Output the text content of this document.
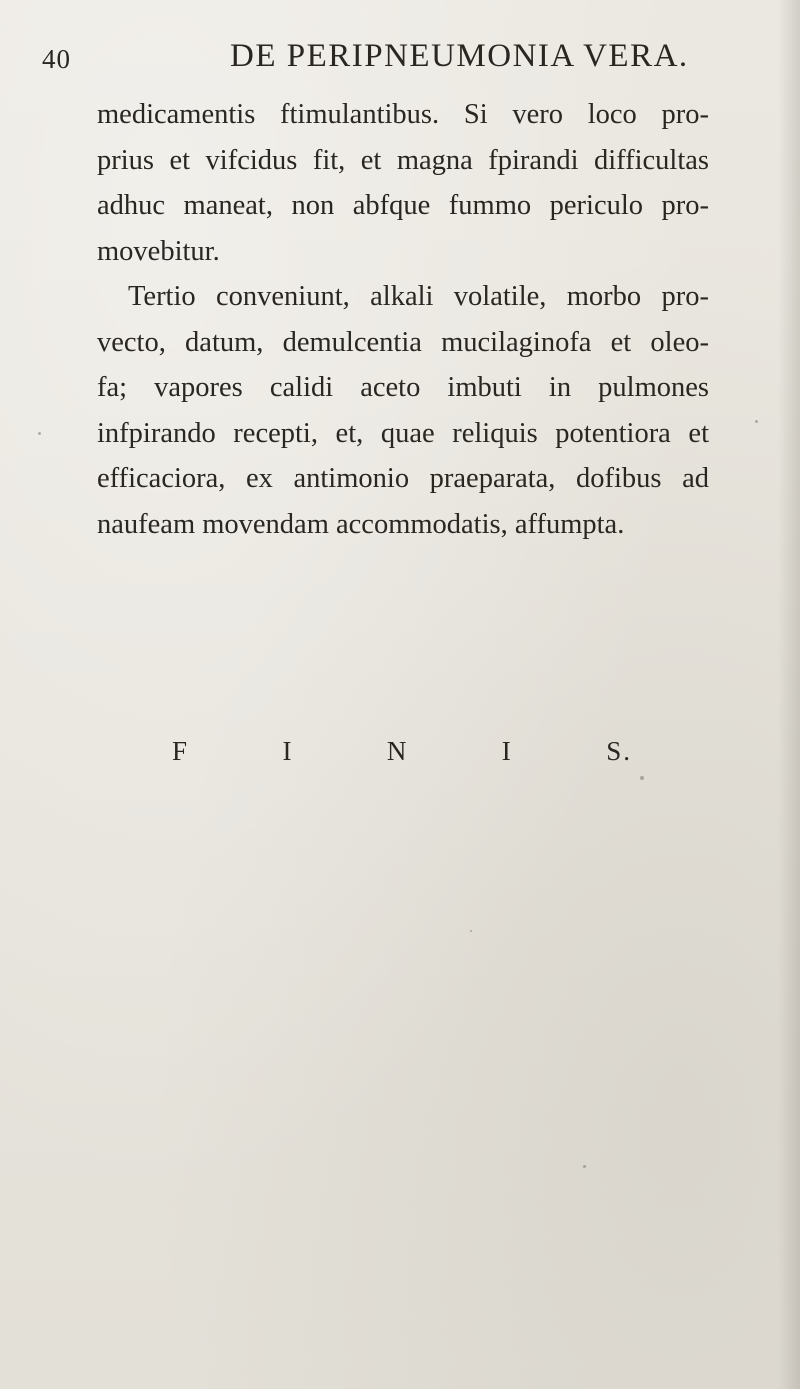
40	DE PERIPNEUMONIA VERA.
medicamentis ftimulantibus. Si vero loco pro-
prius et vifcidus fit, et magna fpirandi difficultas
adhuc maneat, non abfque fummo periculo pro-
movebitur.
Tertio conveniunt, alkali volatile, morbo pro-
vecto, datum, demulcentia mucilaginofa et oleo-
fa; vapores calidi aceto imbuti in pulmones
infpirando recepti, et, quae reliquis potentiora et
efficaciora, ex antimonio praeparata, dofibus ad
naufeam movendam accommodatis, affumpta.
F	I	N	I	S.
